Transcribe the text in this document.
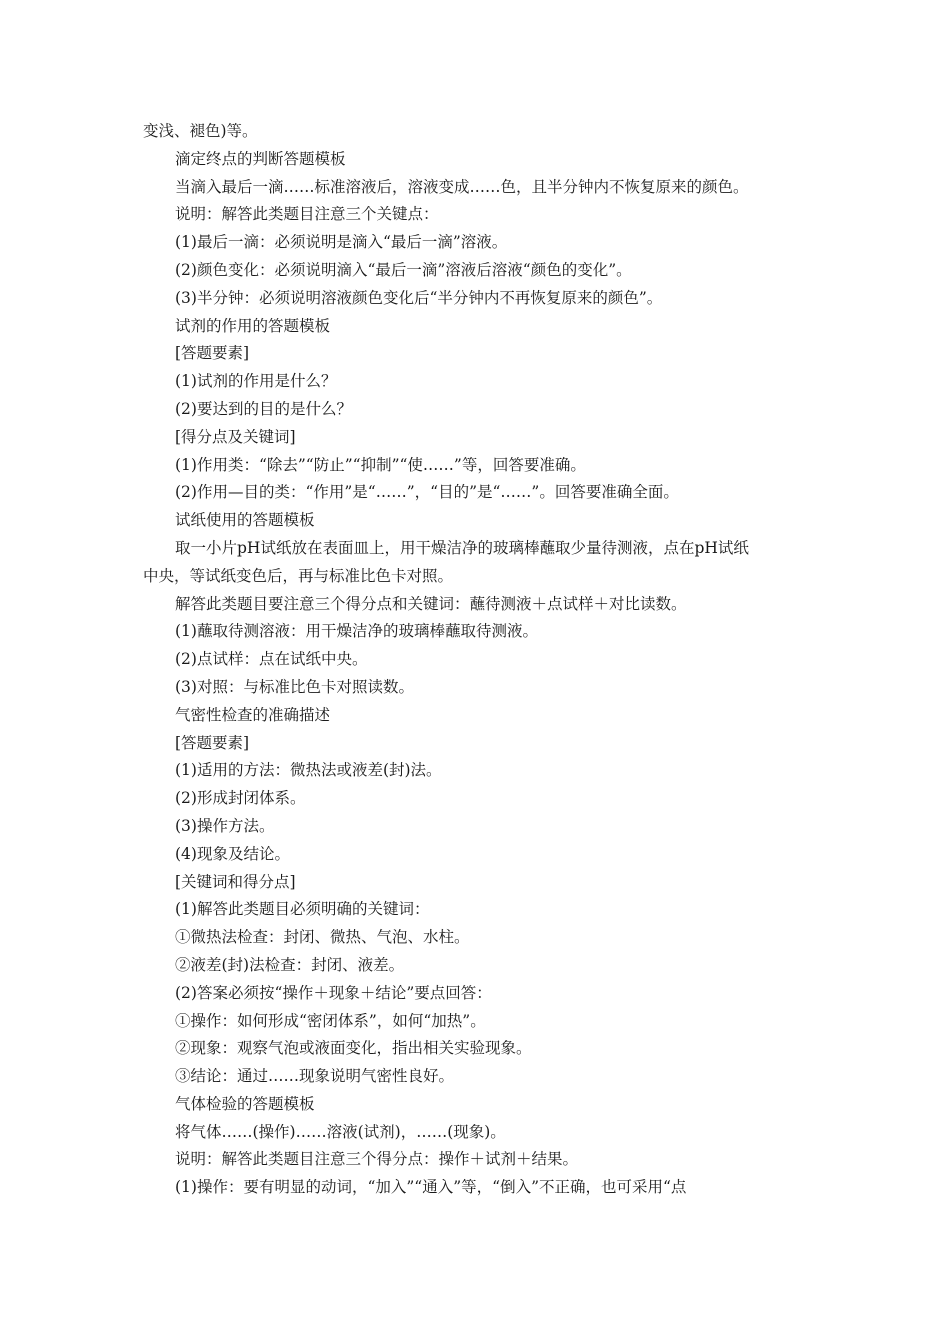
变浅、褪色)等。
滴定终点的判断答题模板
当滴入最后一滴……标准溶液后，溶液变成……色，且半分钟内不恢复原来的颜色。
说明：解答此类题目注意三个关键点：
(1)最后一滴：必须说明是滴入“最后一滴”溶液。
(2)颜色变化：必须说明滴入“最后一滴”溶液后溶液“颜色的变化”。
(3)半分钟：必须说明溶液颜色变化后“半分钟内不再恢复原来的颜色”。
试剂的作用的答题模板
[答题要素]
(1)试剂的作用是什么？
(2)要达到的目的是什么？
[得分点及关键词]
(1)作用类：“除去”“防止”“抑制”“使……”等，回答要准确。
(2)作用—目的类：“作用”是“……”，“目的”是“……”。回答要准确全面。
试纸使用的答题模板
取一小片pH试纸放在表面皿上，用干燥洁净的玻璃棒蘸取少量待测液，点在pH试纸
中央，等试纸变色后，再与标准比色卡对照。
解答此类题目要注意三个得分点和关键词：蘸待测液＋点试样＋对比读数。
(1)蘸取待测溶液：用干燥洁净的玻璃棒蘸取待测液。
(2)点试样：点在试纸中央。
(3)对照：与标准比色卡对照读数。
气密性检查的准确描述
[答题要素]
(1)适用的方法：微热法或液差(封)法。
(2)形成封闭体系。
(3)操作方法。
(4)现象及结论。
[关键词和得分点]
(1)解答此类题目必须明确的关键词：
①微热法检查：封闭、微热、气泡、水柱。
②液差(封)法检查：封闭、液差。
(2)答案必须按“操作＋现象＋结论”要点回答：
①操作：如何形成“密闭体系”，如何“加热”。
②现象：观察气泡或液面变化，指出相关实验现象。
③结论：通过……现象说明气密性良好。
气体检验的答题模板
将气体……(操作)……溶液(试剂)，……(现象)。
说明：解答此类题目注意三个得分点：操作＋试剂＋结果。
(1)操作：要有明显的动词，“加入”“通入”等，“倒入”不正确，也可采用“点
